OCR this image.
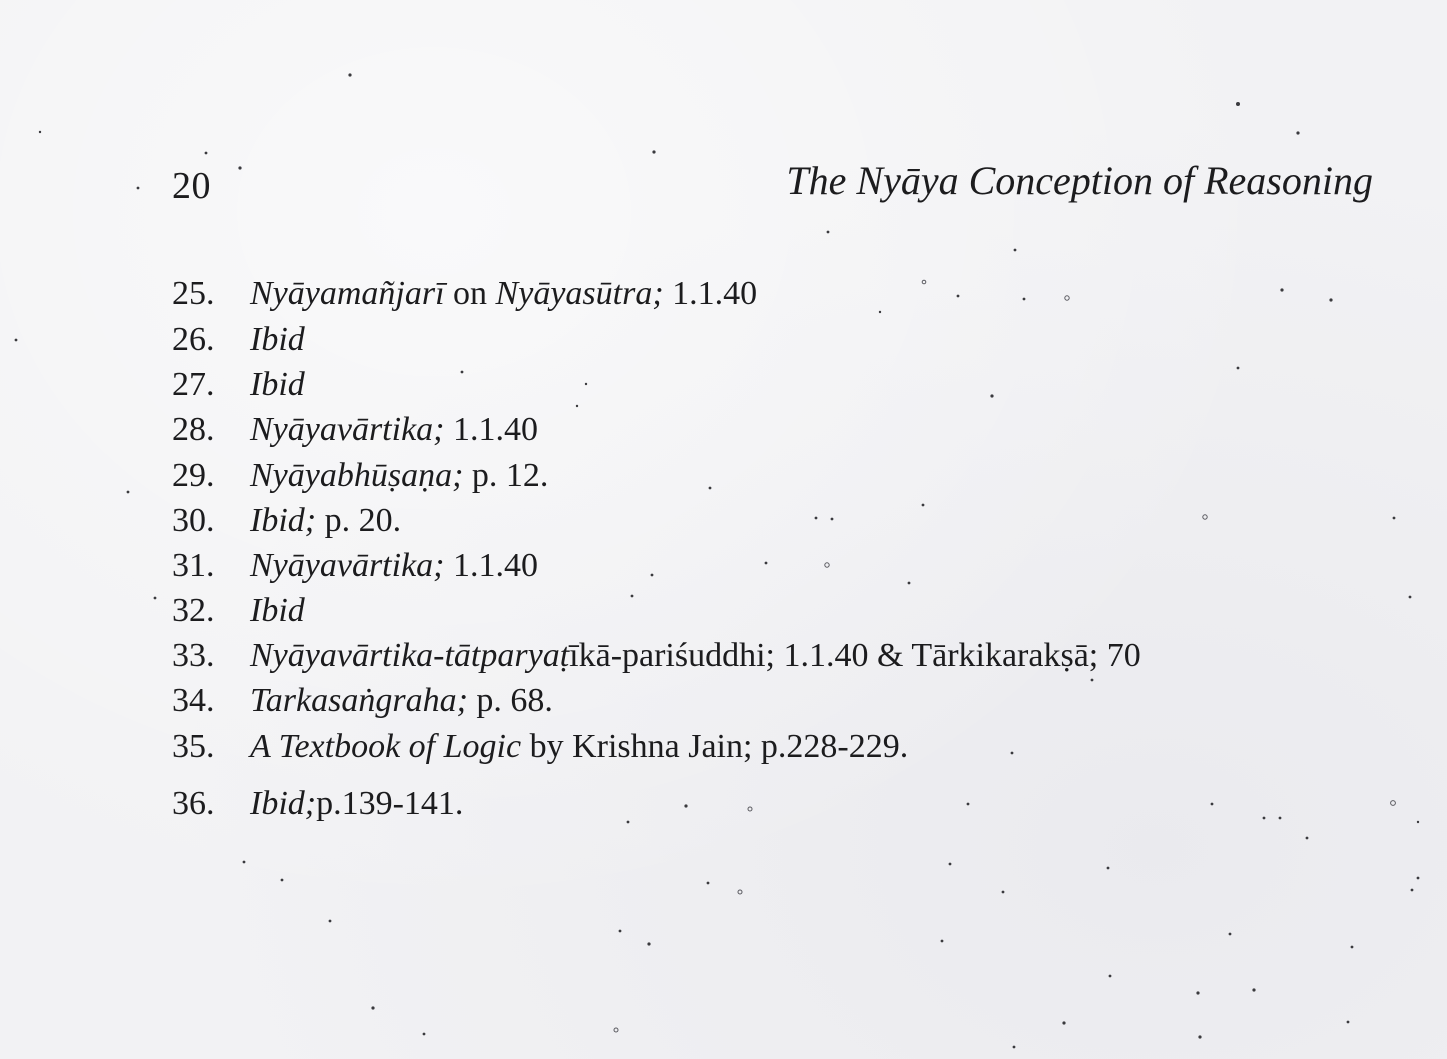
20	The Nyāya Conception of Reasoning
25. Nyāyamañjarī on Nyāyasūtra; 1.1.40
26. Ibid
27. Ibid
28. Nyāyavārtika; 1.1.40
29. Nyāyabhūṣaṇa; p. 12.
30. Ibid; p. 20.
31. Nyāyavārtika; 1.1.40
32. Ibid
33. Nyāyavārtika-tātparyaṭīkā-pariśuddhi; 1.1.40 & Tārkikarakṣā; 70
34. Tarkasaṅgraha; p. 68.
35. A Textbook of Logic by Krishna Jain; p.228-229.
36. Ibid;p.139-141.
